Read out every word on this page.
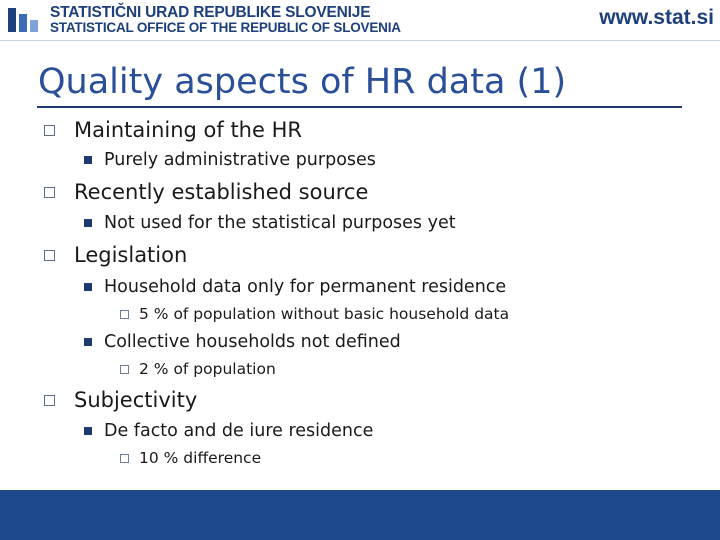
STATISTIČNI URAD REPUBLIKE SLOVENIJE
STATISTICAL OFFICE OF THE REPUBLIC OF SLOVENIA	www.stat.si
Quality aspects of HR data (1)
Maintaining of the HR
Purely administrative purposes
Recently established source
Not used for the statistical purposes yet
Legislation
Household data only for permanent residence
5 % of population without basic household data
Collective households not defined
2 % of population
Subjectivity
De facto and de iure residence
10 % difference
